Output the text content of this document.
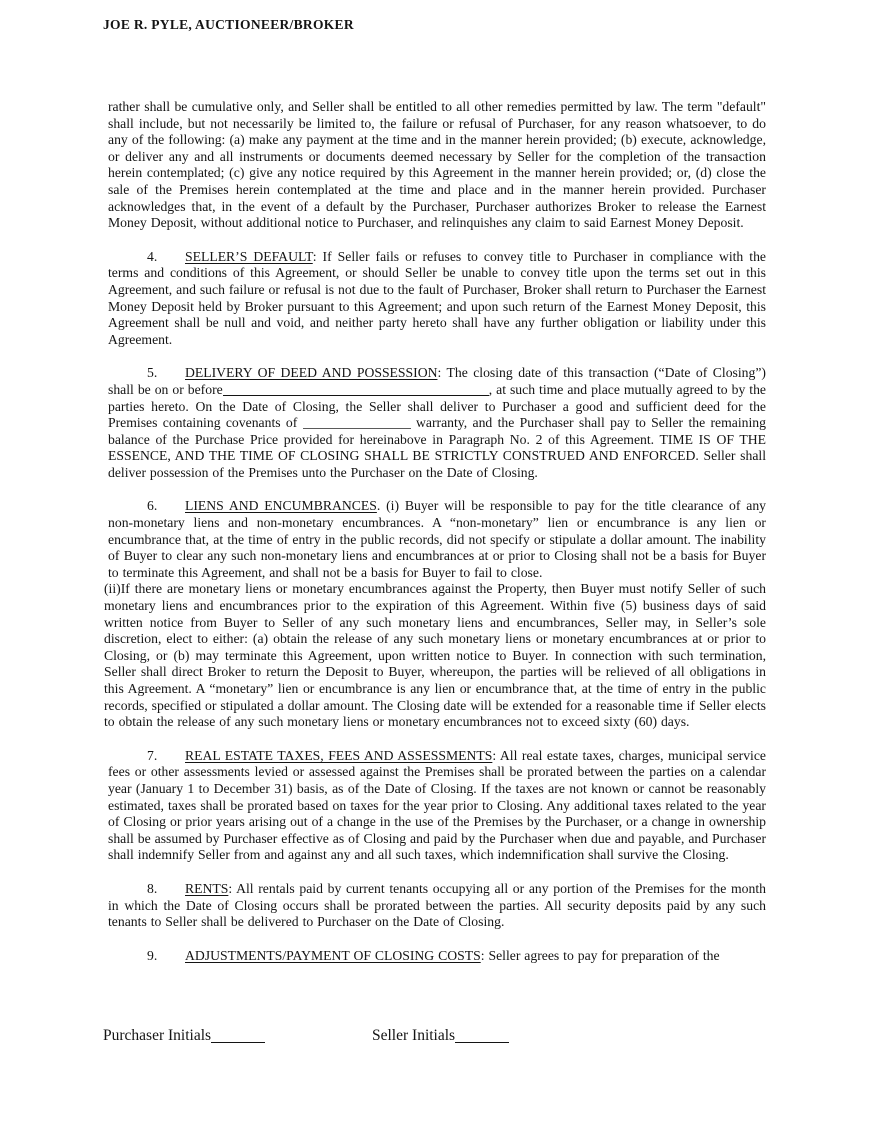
JOE R. PYLE, AUCTIONEER/BROKER
rather shall be cumulative only, and Seller shall be entitled to all other remedies permitted by law. The term "default" shall include, but not necessarily be limited to, the failure or refusal of Purchaser, for any reason whatsoever, to do any of the following: (a) make any payment at the time and in the manner herein provided; (b) execute, acknowledge, or deliver any and all instruments or documents deemed necessary by Seller for the completion of the transaction herein contemplated; (c) give any notice required by this Agreement in the manner herein provided; or, (d) close the sale of the Premises herein contemplated at the time and place and in the manner herein provided. Purchaser acknowledges that, in the event of a default by the Purchaser, Purchaser authorizes Broker to release the Earnest Money Deposit, without additional notice to Purchaser, and relinquishes any claim to said Earnest Money Deposit.
4. SELLER’S DEFAULT: If Seller fails or refuses to convey title to Purchaser in compliance with the terms and conditions of this Agreement, or should Seller be unable to convey title upon the terms set out in this Agreement, and such failure or refusal is not due to the fault of Purchaser, Broker shall return to Purchaser the Earnest Money Deposit held by Broker pursuant to this Agreement; and upon such return of the Earnest Money Deposit, this Agreement shall be null and void, and neither party hereto shall have any further obligation or liability under this Agreement.
5. DELIVERY OF DEED AND POSSESSION: The closing date of this transaction (“Date of Closing”) shall be on or before	, at such time and place mutually agreed to by the parties hereto. On the Date of Closing, the Seller shall deliver to Purchaser a good and sufficient deed for the Premises containing covenants of	warranty, and the Purchaser shall pay to Seller the remaining balance of the Purchase Price provided for hereinabove in Paragraph No. 2 of this Agreement. TIME IS OF THE ESSENCE, AND THE TIME OF CLOSING SHALL BE STRICTLY CONSTRUED AND ENFORCED. Seller shall deliver possession of the Premises unto the Purchaser on the Date of Closing.
6. LIENS AND ENCUMBRANCES. (i) Buyer will be responsible to pay for the title clearance of any non-monetary liens and non-monetary encumbrances. A “non-monetary” lien or encumbrance is any lien or encumbrance that, at the time of entry in the public records, did not specify or stipulate a dollar amount. The inability of Buyer to clear any such non-monetary liens and encumbrances at or prior to Closing shall not be a basis for Buyer to terminate this Agreement, and shall not be a basis for Buyer to fail to close.
(ii)If there are monetary liens or monetary encumbrances against the Property, then Buyer must notify Seller of such monetary liens and encumbrances prior to the expiration of this Agreement. Within five (5) business days of said written notice from Buyer to Seller of any such monetary liens and encumbrances, Seller may, in Seller’s sole discretion, elect to either: (a) obtain the release of any such monetary liens or monetary encumbrances at or prior to Closing, or (b) may terminate this Agreement, upon written notice to Buyer. In connection with such termination, Seller shall direct Broker to return the Deposit to Buyer, whereupon, the parties will be relieved of all obligations in this Agreement. A “monetary” lien or encumbrance is any lien or encumbrance that, at the time of entry in the public records, specified or stipulated a dollar amount. The Closing date will be extended for a reasonable time if Seller elects to obtain the release of any such monetary liens or monetary encumbrances not to exceed sixty (60) days.
7. REAL ESTATE TAXES, FEES AND ASSESSMENTS: All real estate taxes, charges, municipal service fees or other assessments levied or assessed against the Premises shall be prorated between the parties on a calendar year (January 1 to December 31) basis, as of the Date of Closing. If the taxes are not known or cannot be reasonably estimated, taxes shall be prorated based on taxes for the year prior to Closing. Any additional taxes related to the year of Closing or prior years arising out of a change in the use of the Premises by the Purchaser, or a change in ownership shall be assumed by Purchaser effective as of Closing and paid by the Purchaser when due and payable, and Purchaser shall indemnify Seller from and against any and all such taxes, which indemnification shall survive the Closing.
8. RENTS: All rentals paid by current tenants occupying all or any portion of the Premises for the month in which the Date of Closing occurs shall be prorated between the parties. All security deposits paid by any such tenants to Seller shall be delivered to Purchaser on the Date of Closing.
9. ADJUSTMENTS/PAYMENT OF CLOSING COSTS: Seller agrees to pay for preparation of the
Purchaser Initials	Seller Initials
